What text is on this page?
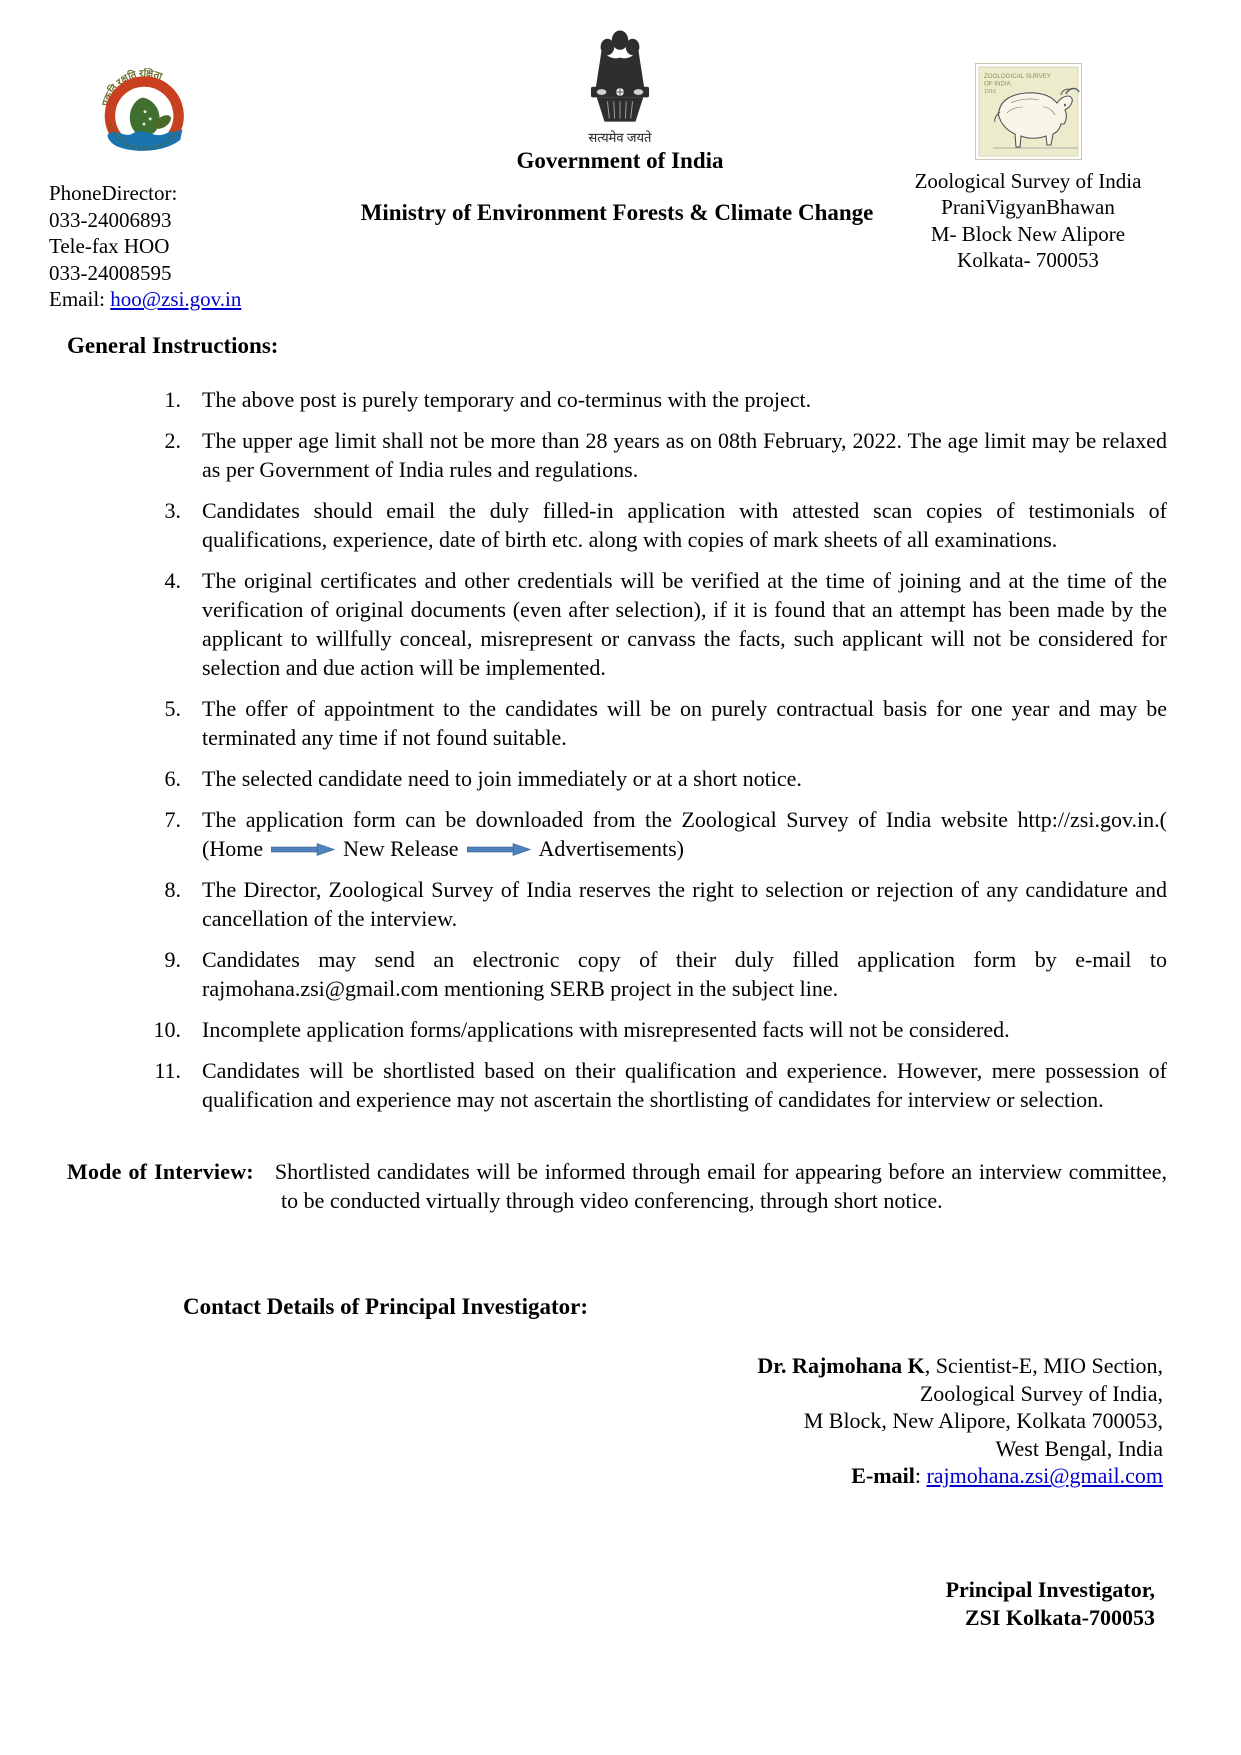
प्रकृति रक्षति रक्षिता
Nature Protects if She is Protected
PhoneDirector:
033-24006893
Tele-fax HOO
033-24008595
Email: hoo@zsi.gov.in
सत्यमेव जयते
Government of India
Ministry of Environment Forests & Climate Change
ZOOLOGICAL SURVEY
OF INDIA
1916
Zoological Survey of India
PraniVigyanBhawan
M- Block New Alipore
Kolkata- 700053
General Instructions:
1. The above post is purely temporary and co-terminus with the project.
2. The upper age limit shall not be more than 28 years as on 08th February, 2022. The age limit may be relaxed as per Government of India rules and regulations.
3. Candidates should email the duly filled-in application with attested scan copies of testimonials of qualifications, experience, date of birth etc. along with copies of mark sheets of all examinations.
4. The original certificates and other credentials will be verified at the time of joining and at the time of the verification of original documents (even after selection), if it is found that an attempt has been made by the applicant to willfully conceal, misrepresent or canvass the facts, such applicant will not be considered for selection and due action will be implemented.
5. The offer of appointment to the candidates will be on purely contractual basis for one year and may be terminated any time if not found suitable.
6. The selected candidate need to join immediately or at a short notice.
7. The application form can be downloaded from the Zoological Survey of India website http://zsi.gov.in.( (Home	New Release	Advertisements)
8. The Director, Zoological Survey of India reserves the right to selection or rejection of any candidature and cancellation of the interview.
9. Candidates may send an electronic copy of their duly filled application form by e-mail to rajmohana.zsi@gmail.com mentioning SERB project in the subject line.
10. Incomplete application forms/applications with misrepresented facts will not be considered.
11. Candidates will be shortlisted based on their qualification and experience. However, mere possession of qualification and experience may not ascertain the shortlisting of candidates for interview or selection.
Mode of Interview: Shortlisted candidates will be informed through email for appearing before an interview committee, to be conducted virtually through video conferencing, through short notice.
Contact Details of Principal Investigator:
Dr. Rajmohana K, Scientist-E, MIO Section,
Zoological Survey of India,
M Block, New Alipore, Kolkata 700053,
West Bengal, India
E-mail: rajmohana.zsi@gmail.com
Principal Investigator,
ZSI Kolkata-700053
